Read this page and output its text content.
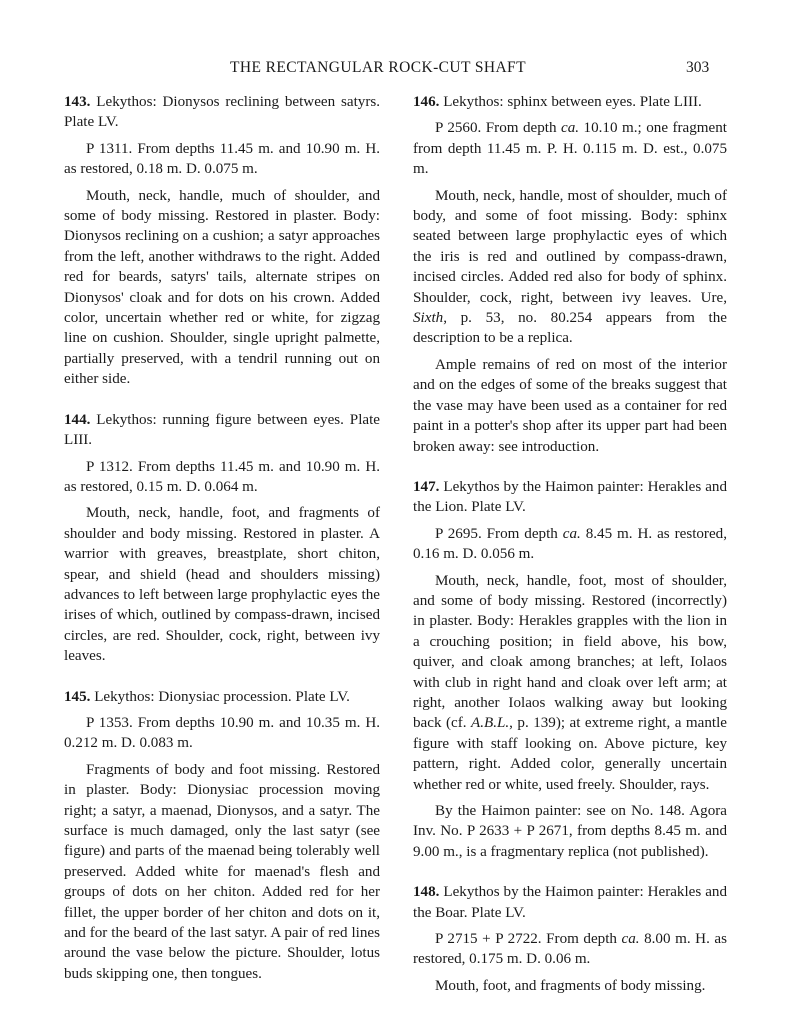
THE RECTANGULAR ROCK-CUT SHAFT	303

143. Lekythos: Dionysos reclining between satyrs. Plate LV.

P 1311. From depths 11.45 m. and 10.90 m. H. as restored, 0.18 m. D. 0.075 m.

Mouth, neck, handle, much of shoulder, and some of body missing. Restored in plaster. Body: Dionysos reclining on a cushion; a satyr approaches from the left, another withdraws to the right. Added red for beards, satyrs' tails, alternate stripes on Dionysos' cloak and for dots on his crown. Added color, uncertain whether red or white, for zigzag line on cushion. Shoulder, single upright palmette, partially preserved, with a tendril running out on either side.

144. Lekythos: running figure between eyes. Plate LIII.

P 1312. From depths 11.45 m. and 10.90 m. H. as restored, 0.15 m. D. 0.064 m.

Mouth, neck, handle, foot, and fragments of shoulder and body missing. Restored in plaster. A warrior with greaves, breastplate, short chiton, spear, and shield (head and shoulders missing) advances to left between large prophylactic eyes the irises of which, outlined by compass-drawn, incised circles, are red. Shoulder, cock, right, between ivy leaves.

145. Lekythos: Dionysiac procession. Plate LV.

P 1353. From depths 10.90 m. and 10.35 m. H. 0.212 m. D. 0.083 m.

Fragments of body and foot missing. Restored in plaster. Body: Dionysiac procession moving right; a satyr, a maenad, Dionysos, and a satyr. The surface is much damaged, only the last satyr (see figure) and parts of the maenad being tolerably well preserved. Added white for maenad's flesh and groups of dots on her chiton. Added red for her fillet, the upper border of her chiton and dots on it, and for the beard of the last satyr. A pair of red lines around the vase below the picture. Shoulder, lotus buds skipping one, then tongues.

146. Lekythos: sphinx between eyes. Plate LIII.

P 2560. From depth ca. 10.10 m.; one fragment from depth 11.45 m. P. H. 0.115 m. D. est., 0.075 m.

Mouth, neck, handle, most of shoulder, much of body, and some of foot missing. Body: sphinx seated between large prophylactic eyes of which the iris is red and outlined by compass-drawn, incised circles. Added red also for body of sphinx. Shoulder, cock, right, between ivy leaves. Ure, Sixth, p. 53, no. 80.254 appears from the description to be a replica.

Ample remains of red on most of the interior and on the edges of some of the breaks suggest that the vase may have been used as a container for red paint in a potter's shop after its upper part had been broken away: see introduction.

147. Lekythos by the Haimon painter: Herakles and the Lion. Plate LV.

P 2695. From depth ca. 8.45 m. H. as restored, 0.16 m. D. 0.056 m.

Mouth, neck, handle, foot, most of shoulder, and some of body missing. Restored (incorrectly) in plaster. Body: Herakles grapples with the lion in a crouching position; in field above, his bow, quiver, and cloak among branches; at left, Iolaos with club in right hand and cloak over left arm; at right, another Iolaos walking away but looking back (cf. A.B.L., p. 139); at extreme right, a mantle figure with staff looking on. Above picture, key pattern, right. Added color, generally uncertain whether red or white, used freely. Shoulder, rays.

By the Haimon painter: see on No. 148. Agora Inv. No. P 2633 + P 2671, from depths 8.45 m. and 9.00 m., is a fragmentary replica (not published).

148. Lekythos by the Haimon painter: Herakles and the Boar. Plate LV.

P 2715 + P 2722. From depth ca. 8.00 m. H. as restored, 0.175 m. D. 0.06 m.

Mouth, foot, and fragments of body missing.
